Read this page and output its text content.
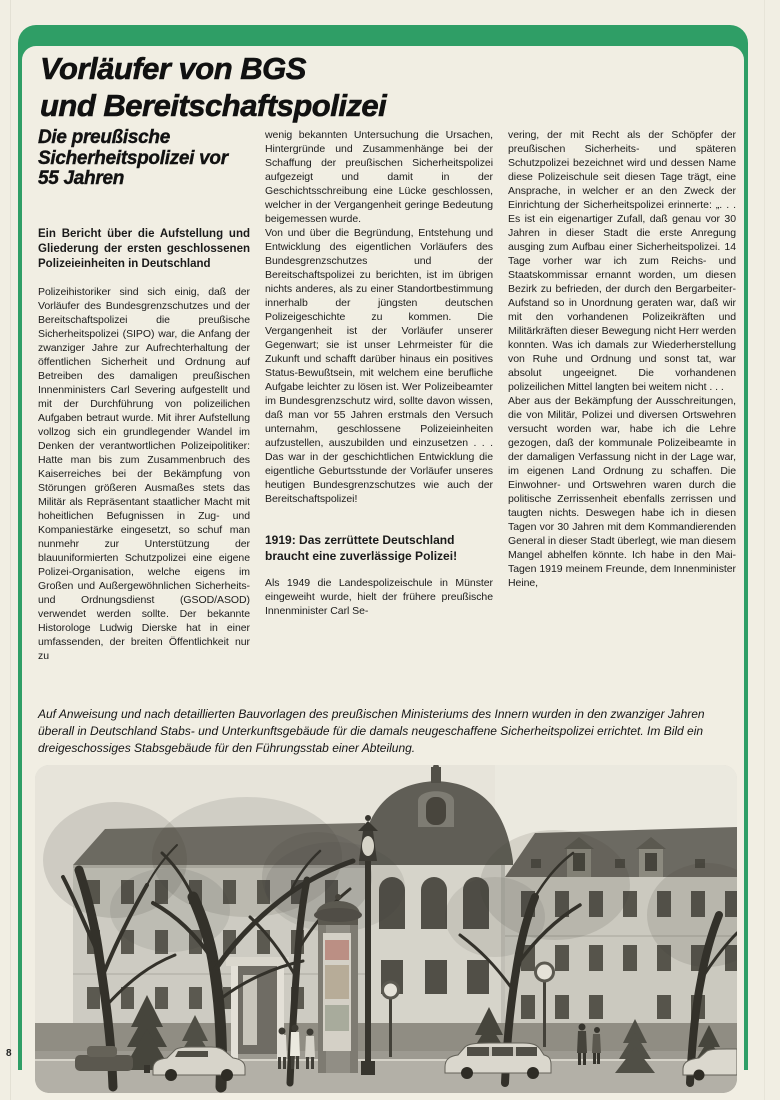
Vorläufer von BGS
und Bereitschaftspolizei
Die preußische Sicherheitspolizei vor 55 Jahren

Ein Bericht über die Aufstellung und Gliederung der ersten geschlossenen Polizeieinheiten in Deutschland

Polizeihistoriker sind sich einig, daß der Vorläufer des Bundesgrenzschutzes und der Bereitschaftspolizei die preußische Sicherheitspolizei (SIPO) war, die Anfang der zwanziger Jahre zur Aufrechterhaltung der öffentlichen Sicherheit und Ordnung auf Betreiben des damaligen preußischen Innenministers Carl Severing aufgestellt und mit der Durchführung von polizeilichen Aufgaben betraut wurde. Mit ihrer Aufstellung vollzog sich ein grundlegender Wandel im Denken der verantwortlichen Polizeipolitiker: Hatte man bis zum Zusammenbruch des Kaiserreiches bei der Bekämpfung von Störungen größeren Ausmaßes stets das Militär als Repräsentant staatlicher Macht mit hoheitlichen Befugnissen in Zug- und Kompaniestärke eingesetzt, so schuf man nunmehr zur Unterstützung der blauuniformierten Schutzpolizei eine eigene Polizei-Organisation, welche eigens im Großen und Außergewöhnlichen Sicherheits- und Ordnungsdienst (GSOD/ASOD) verwendet werden sollte. Der bekannte Historologe Ludwig Dierske hat in einer umfassenden, der breiten Öffentlichkeit nur zu

wenig bekannten Untersuchung die Ursachen, Hintergründe und Zusammenhänge bei der Schaffung der preußischen Sicherheitspolizei aufgezeigt und damit in der Geschichtsschreibung eine Lücke geschlossen, welcher in der Vergangenheit geringe Bedeutung beigemessen wurde.

Von und über die Begründung, Entstehung und Entwicklung des eigentlichen Vorläufers des Bundesgrenzschutzes und der Bereitschaftspolizei zu berichten, ist im übrigen nichts anderes, als zu einer Standortbestimmung innerhalb der jüngsten deutschen Polizeigeschichte zu kommen. Die Vergangenheit ist der Vorläufer unserer Gegenwart; sie ist unser Lehrmeister für die Zukunft und schafft darüber hinaus ein positives Status-Bewußtsein, mit welchem eine berufliche Aufgabe leichter zu lösen ist. Wer Polizeibeamter im Bundesgrenzschutz wird, sollte davon wissen, daß man vor 55 Jahren erstmals den Versuch unternahm, geschlossene Polizeieinheiten aufzustellen, auszubilden und einzusetzen . . . Das war in der geschichtlichen Entwicklung die eigentliche Geburtsstunde der Vorläufer unseres heutigen Bundesgrenzschutzes wie auch der Bereitschaftspolizei!

1919: Das zerrüttete Deutschland braucht eine zuverlässige Polizei!

Als 1949 die Landespolizeischule in Münster eingeweiht wurde, hielt der frühere preußische Innenminister Carl Se-

vering, der mit Recht als der Schöpfer der preußischen Sicherheits- und späteren Schutzpolizei bezeichnet wird und dessen Name diese Polizeischule seit diesen Tage trägt, eine Ansprache, in welcher er an den Zweck der Einrichtung der Sicherheitspolizei erinnerte: „. . . Es ist ein eigenartiger Zufall, daß genau vor 30 Jahren in dieser Stadt die erste Anregung ausging zum Aufbau einer Sicherheitspolizei. 14 Tage vorher war ich zum Reichs- und Staatskommissar ernannt worden, um diesen Bezirk zu befrieden, der durch den Bergarbeiter-Aufstand so in Unordnung geraten war, daß wir mit den vorhandenen Polizeikräften und Militärkräften dieser Bewegung nicht Herr werden konnten. Was ich damals zur Wiederherstellung von Ruhe und Ordnung und sonst tat, war absolut ungeeignet. Die vorhandenen polizeilichen Mittel langten bei weitem nicht . . .

Aber aus der Bekämpfung der Ausschreitungen, die von Militär, Polizei und diversen Ortswehren versucht worden war, habe ich die Lehre gezogen, daß der kommunale Polizeibeamte in der damaligen Verfassung nicht in der Lage war, im eigenen Land Ordnung zu schaffen. Die Einwohner- und Ortswehren waren durch die politische Zerrissenheit ebenfalls zerrissen und taugten nichts. Deswegen habe ich in diesen Tagen vor 30 Jahren mit dem Kommandierenden General in dieser Stadt überlegt, wie man diesem Mangel abhelfen könnte. Ich habe in den Mai-Tagen 1919 meinem Freunde, dem Innenminister Heine,

Auf Anweisung und nach detaillierten Bauvorlagen des preußischen Ministeriums des Innern wurden in den zwanziger Jahren überall in Deutschland Stabs- und Unterkunftsgebäude für die damals neugeschaffene Sicherheitspolizei errichtet. Im Bild ein dreigeschossiges Stabsgebäude für den Führungsstab einer Abteilung.

8
